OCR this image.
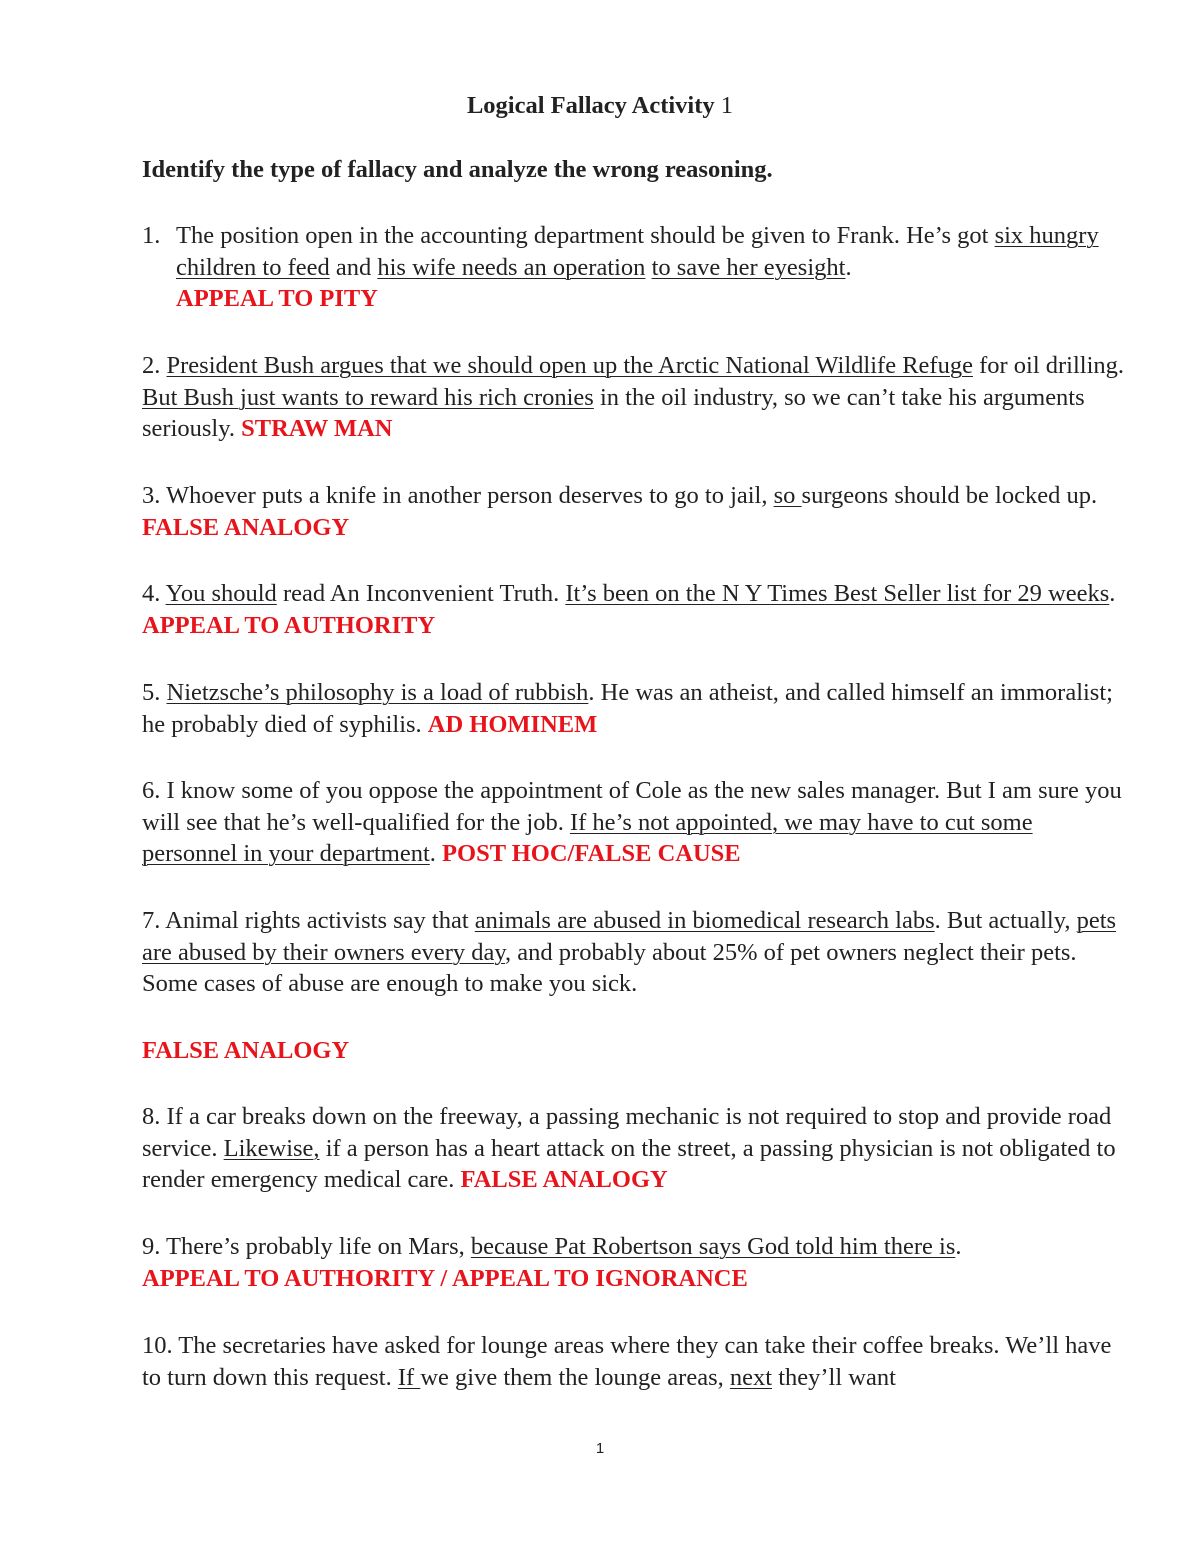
Logical Fallacy Activity 1
Identify the type of fallacy and analyze the wrong reasoning.
1. The position open in the accounting department should be given to Frank. He’s got six hungry children to feed and his wife needs an operation to save her eyesight.
APPEAL TO PITY
2. President Bush argues that we should open up the Arctic National Wildlife Refuge for oil drilling. But Bush just wants to reward his rich cronies in the oil industry, so we can’t take his arguments seriously. STRAW MAN
3. Whoever puts a knife in another person deserves to go to jail, so surgeons should be locked up. FALSE ANALOGY
4. You should read An Inconvenient Truth. It’s been on the N Y Times Best Seller list for 29 weeks. APPEAL TO AUTHORITY
5. Nietzsche’s philosophy is a load of rubbish. He was an atheist, and called himself an immoralist; he probably died of syphilis. AD HOMINEM
6. I know some of you oppose the appointment of Cole as the new sales manager. But I am sure you will see that he’s well-qualified for the job. If he’s not appointed, we may have to cut some personnel in your department. POST HOC/FALSE CAUSE
7. Animal rights activists say that animals are abused in biomedical research labs. But actually, pets are abused by their owners every day, and probably about 25% of pet owners neglect their pets. Some cases of abuse are enough to make you sick.
FALSE ANALOGY
8. If a car breaks down on the freeway, a passing mechanic is not required to stop and provide road service. Likewise, if a person has a heart attack on the street, a passing physician is not obligated to render emergency medical care. FALSE ANALOGY
9. There’s probably life on Mars, because Pat Robertson says God told him there is.
APPEAL TO AUTHORITY / APPEAL TO IGNORANCE
10. The secretaries have asked for lounge areas where they can take their coffee breaks. We’ll have to turn down this request. If we give them the lounge areas, next they’ll want
1
